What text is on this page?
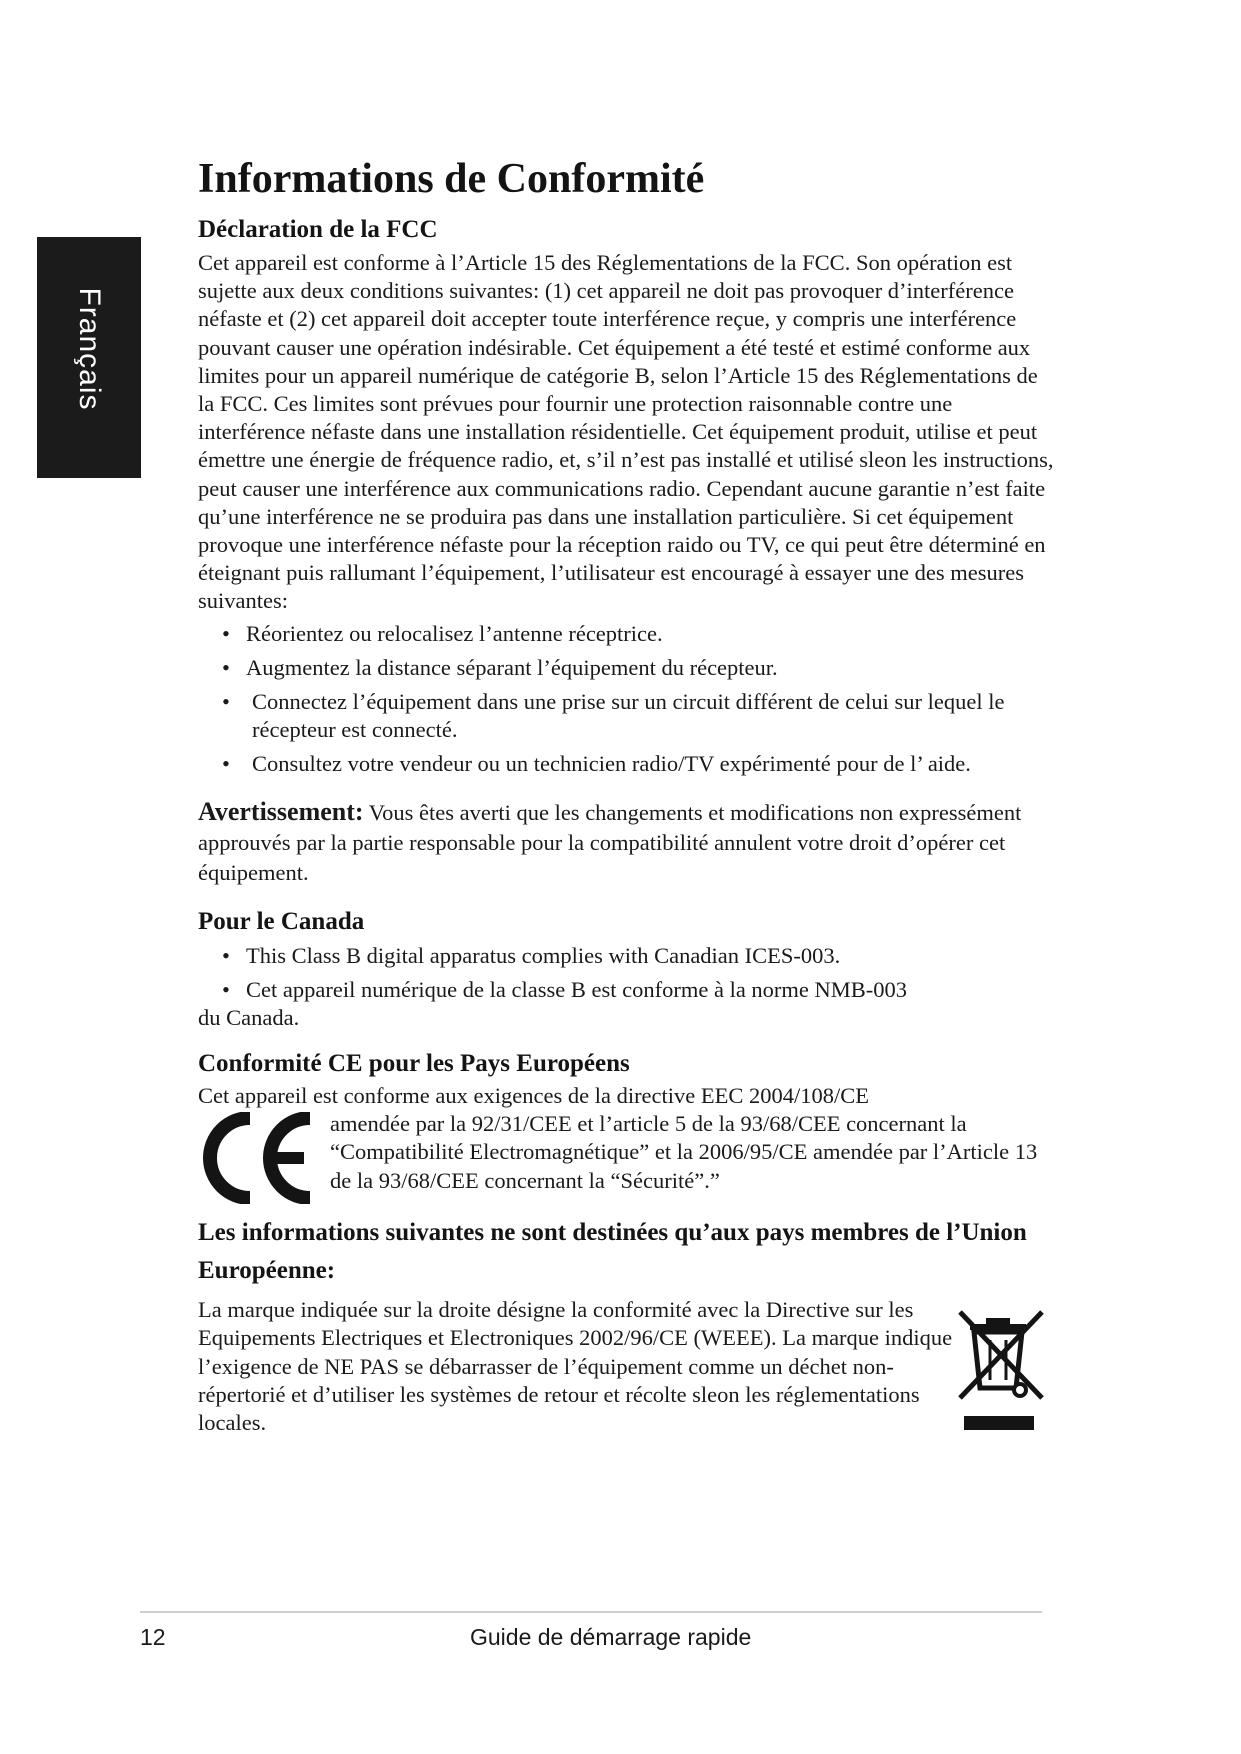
Français
Informations de Conformité
Déclaration de la FCC

Cet appareil est conforme à l’Article 15 des Réglementations de la FCC. Son opération est sujette aux deux conditions suivantes: (1) cet appareil ne doit pas provoquer d’interférence néfaste et (2) cet appareil doit accepter toute interférence reçue, y compris une interférence pouvant causer une opération indésirable. Cet équipement a été testé et estimé conforme aux limites pour un appareil numérique de catégorie B, selon l’Article 15 des Réglementations de la FCC. Ces limites sont prévues pour fournir une protection raisonnable contre une interférence néfaste dans une installation résidentielle. Cet équipement produit, utilise et peut émettre une énergie de fréquence radio, et, s’il n’est pas installé et utilisé sleon les instructions, peut causer une interférence aux communications radio. Cependant aucune garantie n’est faite qu’une interférence ne se produira pas dans une installation particulière. Si cet équipement provoque une interférence néfaste pour la réception raido ou TV, ce qui peut être déterminé en éteignant puis rallumant l’équipement, l’utilisateur est encouragé à essayer une des mesures suivantes:

• Réorientez ou relocalisez l’antenne réceptrice.
• Augmentez la distance séparant l’équipement du récepteur.
• Connectez l’équipement dans une prise sur un circuit différent de celui sur lequel le récepteur est connecté.
• Consultez votre vendeur ou un technicien radio/TV expérimenté pour de l’ aide.

Avertissement: Vous êtes averti que les changements et modifications non expressément approuvés par la partie responsable pour la compatibilité annulent votre droit d’opérer cet équipement.

Pour le Canada
• This Class B digital apparatus complies with Canadian ICES-003.
• Cet appareil numérique de la classe B est conforme à la norme NMB-003
du Canada.
Conformité CE pour les Pays Européens
Cet appareil est conforme aux exigences de la directive EEC 2004/108/CE
amendée par la 92/31/CEE et l’article 5 de la 93/68/CEE concernant la “Compatibilité Electromagnétique” et la 2006/95/CE amendée par l’Article 13 de la 93/68/CEE concernant la “Sécurité”.”
Les informations suivantes ne sont destinées qu’aux pays membres de l’Union Européenne:

La marque indiquée sur la droite désigne la conformité avec la Directive sur les Equipements Electriques et Electroniques 2002/96/CE (WEEE). La marque indique l’exigence de NE PAS se débarrasser de l’équipement comme un déchet non-répertorié et d’utiliser les systèmes de retour et récolte sleon les réglementations locales.

12	Guide de démarrage rapide
